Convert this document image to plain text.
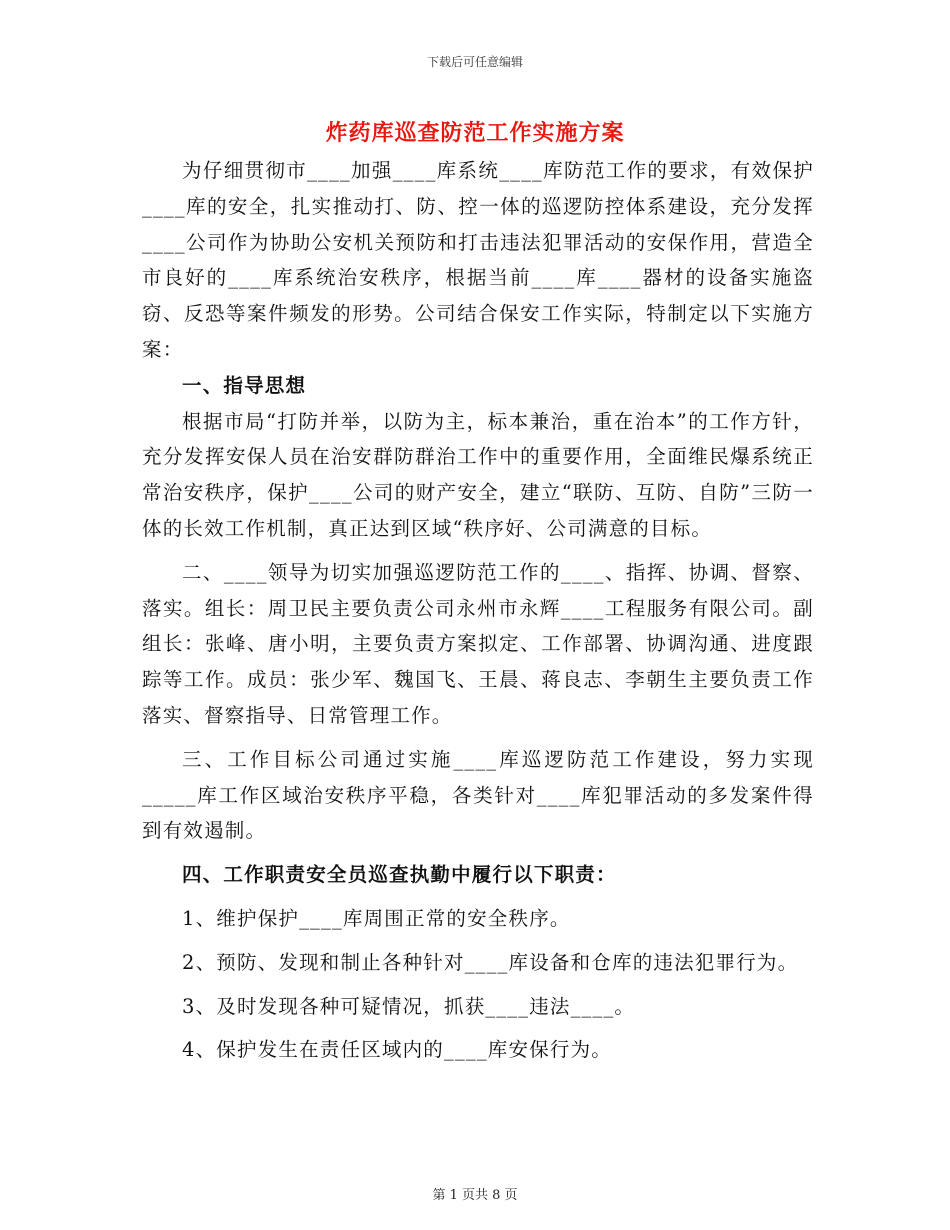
下载后可任意编辑
炸药库巡查防范工作实施方案

为仔细贯彻市____加强____库系统____库防范工作的要求，有效保护____库的安全，扎实推动打、防、控一体的巡逻防控体系建设，充分发挥____公司作为协助公安机关预防和打击违法犯罪活动的安保作用，营造全市良好的____库系统治安秩序，根据当前____库____器材的设备实施盗窃、反恐等案件频发的形势。公司结合保安工作实际，特制定以下实施方案：

一、指导思想

根据市局“打防并举，以防为主，标本兼治，重在治本”的工作方针，充分发挥安保人员在治安群防群治工作中的重要作用，全面维民爆系统正常治安秩序，保护____公司的财产安全，建立“联防、互防、自防”三防一体的长效工作机制，真正达到区域“秩序好、公司满意的目标。

二、____领导为切实加强巡逻防范工作的____、指挥、协调、督察、落实。组长：周卫民主要负责公司永州市永辉____工程服务有限公司。副组长：张峰、唐小明，主要负责方案拟定、工作部署、协调沟通、进度跟踪等工作。成员：张少军、魏国飞、王晨、蒋良志、李朝生主要负责工作落实、督察指导、日常管理工作。

三、工作目标公司通过实施____库巡逻防范工作建设，努力实现_____库工作区域治安秩序平稳，各类针对____库犯罪活动的多发案件得到有效遏制。

四、工作职责安全员巡查执勤中履行以下职责：

1、维护保护____库周围正常的安全秩序。

2、预防、发现和制止各种针对____库设备和仓库的违法犯罪行为。

3、及时发现各种可疑情况，抓获____违法____。

4、保护发生在责任区域内的____库安保行为。

第 1 页共 8 页
